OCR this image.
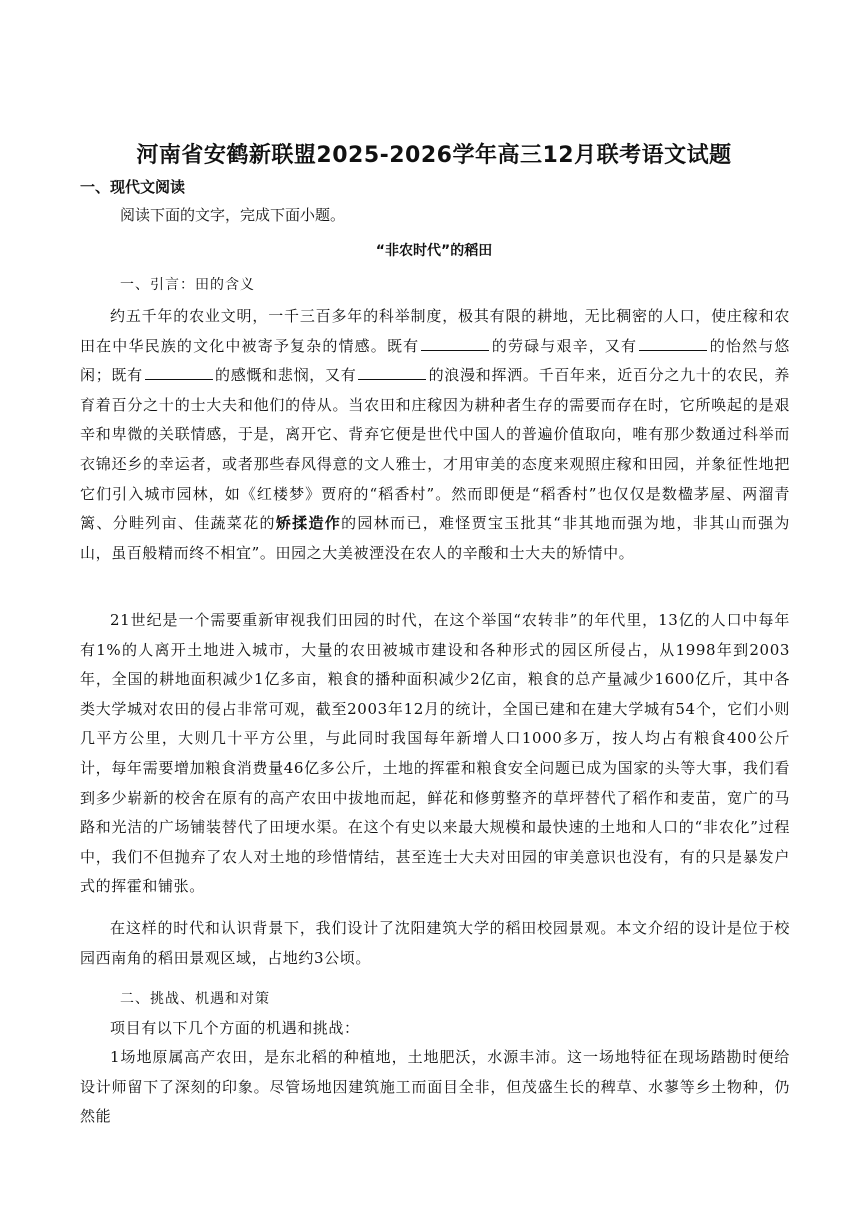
河南省安鹤新联盟2025-2026学年高三12月联考语文试题
一、现代文阅读
阅读下面的文字，完成下面小题。
“非农时代”的稻田
一、引言：田的含义
约五千年的农业文明，一千三百多年的科举制度，极其有限的耕地，无比稠密的人口，使庄稼和农田在中华民族的文化中被寄予复杂的情感。既有	的劳碌与艰辛，又有	的怡然与悠闲；既有	的感慨和悲悯，又有	的浪漫和挥洒。千百年来，近百分之九十的农民，养育着百分之十的士大夫和他们的侍从。当农田和庄稼因为耕种者生存的需要而存在时，它所唤起的是艰辛和卑微的关联情感，于是，离开它、背弃它便是世代中国人的普遍价值取向，唯有那少数通过科举而衣锦还乡的幸运者，或者那些春风得意的文人雅士，才用审美的态度来观照庄稼和田园，并象征性地把它们引入城市园林，如《红楼梦》贾府的“稻香村”。然而即便是“稻香村”也仅仅是数楹茅屋、两溜青篱、分畦列亩、佳蔬菜花的矫揉造作的园林而已，难怪贾宝玉批其“非其地而强为地，非其山而强为山，虽百般精而终不相宜”。田园之大美被湮没在农人的辛酸和士大夫的矫情中。
21世纪是一个需要重新审视我们田园的时代，在这个举国“农转非”的年代里，13亿的人口中每年有1%的人离开土地进入城市，大量的农田被城市建设和各种形式的园区所侵占，从1998年到2003年，全国的耕地面积减少1亿多亩，粮食的播种面积减少2亿亩，粮食的总产量减少1600亿斤，其中各类大学城对农田的侵占非常可观，截至2003年12月的统计，全国已建和在建大学城有54个，它们小则几平方公里，大则几十平方公里，与此同时我国每年新增人口1000多万，按人均占有粮食400公斤计，每年需要增加粮食消费量46亿多公斤，土地的挥霍和粮食安全问题已成为国家的头等大事，我们看到多少崭新的校舍在原有的高产农田中拔地而起，鲜花和修剪整齐的草坪替代了稻作和麦苗，宽广的马路和光洁的广场铺装替代了田埂水渠。在这个有史以来最大规模和最快速的土地和人口的“非农化”过程中，我们不但抛弃了农人对土地的珍惜情结，甚至连士大夫对田园的审美意识也没有，有的只是暴发户式的挥霍和铺张。
在这样的时代和认识背景下，我们设计了沈阳建筑大学的稻田校园景观。本文介绍的设计是位于校园西南角的稻田景观区域，占地约3公顷。
二、挑战、机遇和对策
项目有以下几个方面的机遇和挑战：
1场地原属高产农田，是东北稻的种植地，土地肥沃，水源丰沛。这一场地特征在现场踏勘时便给设计师留下了深刻的印象。尽管场地因建筑施工而面目全非，但茂盛生长的稗草、水蓼等乡土物种，仍然能
